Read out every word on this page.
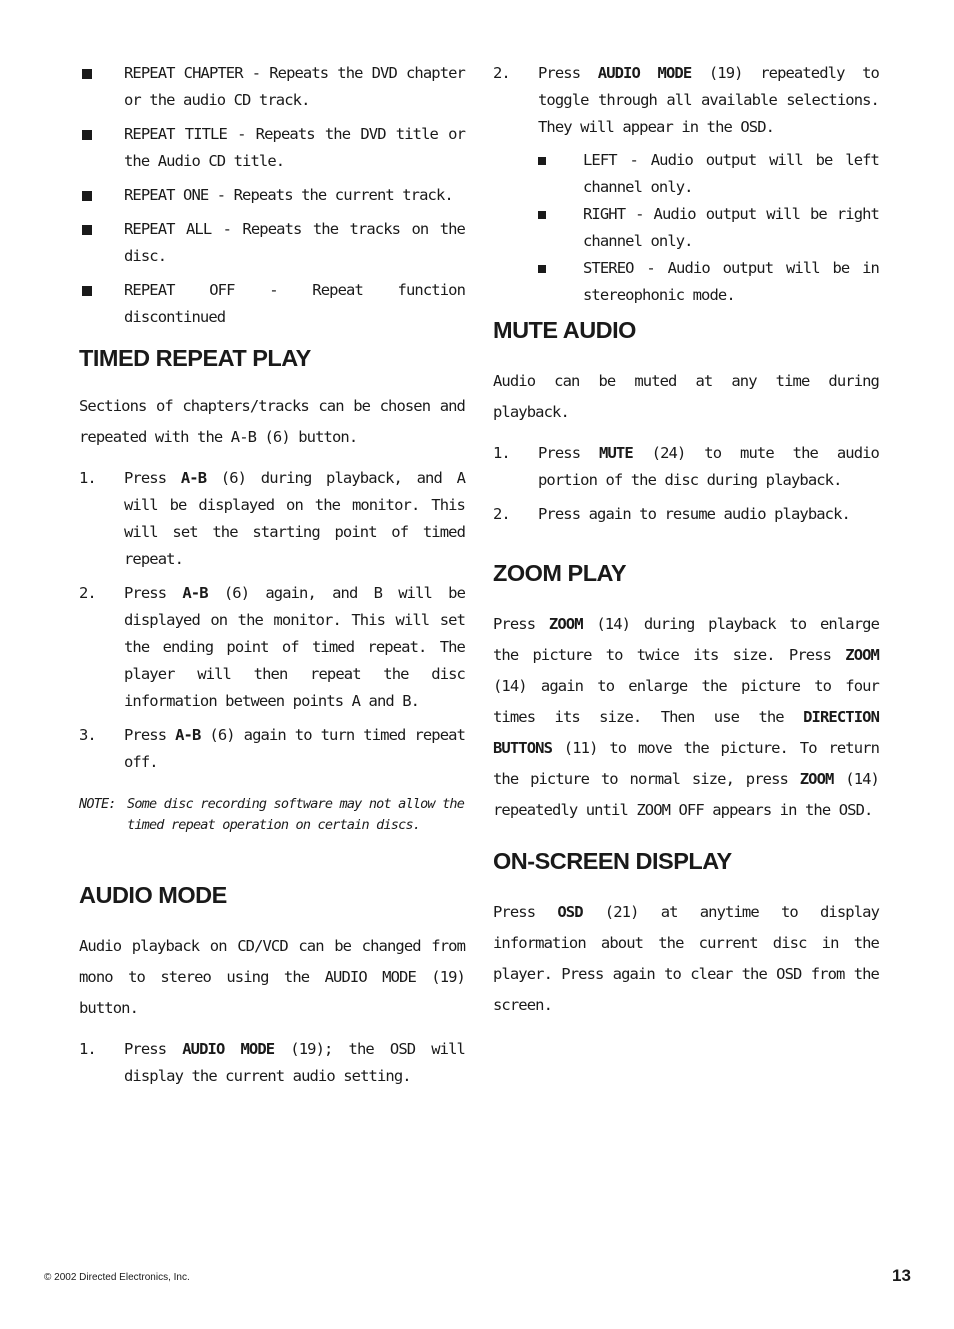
REPEAT CHAPTER - Repeats the DVD chapter or the audio CD track.
REPEAT TITLE - Repeats the DVD title or the Audio CD title.
REPEAT ONE - Repeats the current track.
REPEAT ALL - Repeats the tracks on the disc.
REPEAT OFF - Repeat function discontinued
TIMED REPEAT PLAY

Sections of chapters/tracks can be chosen and repeated with the A-B (6) button.

1. Press A-B (6) during playback, and A will be displayed on the monitor. This will set the starting point of timed repeat.
2. Press A-B (6) again, and B will be displayed on the monitor. This will set the ending point of timed repeat. The player will then repeat the disc information between points A and B.
3. Press A-B (6) again to turn timed repeat off.

NOTE: Some disc recording software may not allow the
timed repeat operation on certain discs.

AUDIO MODE

Audio playback on CD/VCD can be changed from mono to stereo using the AUDIO MODE (19) button.

1. Press AUDIO MODE (19); the OSD will display the current audio setting.
2. Press AUDIO MODE (19) repeatedly to toggle through all available selections. They will appear in the OSD.
LEFT - Audio output will be left channel only.
RIGHT - Audio output will be right channel only.
STEREO - Audio output will be in stereophonic mode.
MUTE AUDIO

Audio can be muted at any time during playback.

1. Press MUTE (24) to mute the audio portion of the disc during playback.
2. Press again to resume audio playback.
ZOOM PLAY

Press ZOOM (14) during playback to enlarge the picture to twice its size. Press ZOOM (14) again to enlarge the picture to four times its size. Then use the DIRECTION BUTTONS (11) to move the picture. To return the picture to normal size, press ZOOM (14) repeatedly until ZOOM OFF appears in the OSD.

ON-SCREEN DISPLAY

Press OSD (21) at anytime to display information about the current disc in the player. Press again to clear the OSD from the screen.

© 2002 Directed Electronics, Inc.	13
